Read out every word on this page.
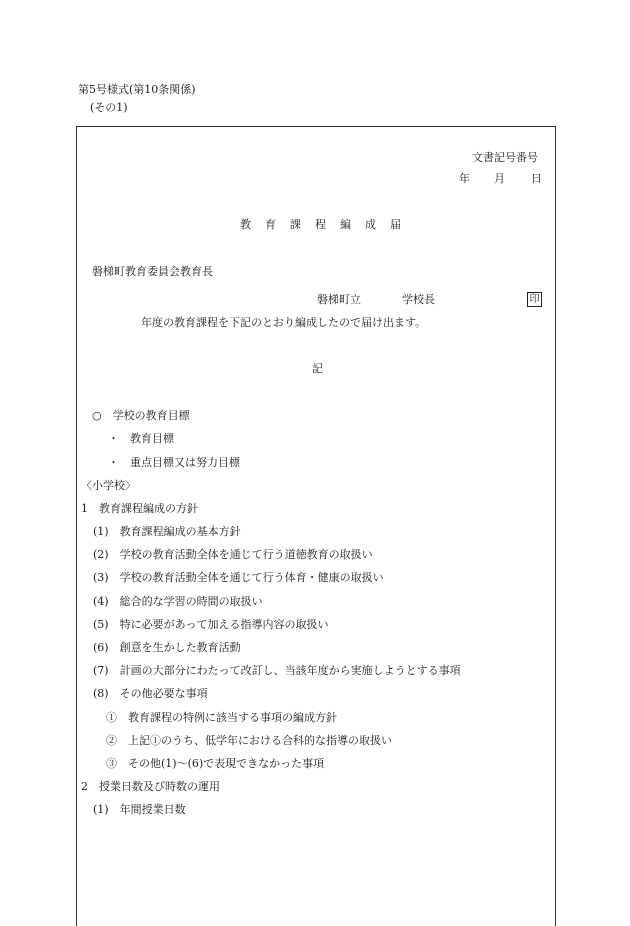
第5号様式(第10条関係)
(その1)
文書記号番号
年 月 日
教 育 課 程 編 成 届
磐梯町教育委員会教育長
磐梯町立	学校長	印
年度の教育課程を下記のとおり編成したので届け出ます。
記
○　学校の教育目標
・　教育目標
・　重点目標又は努力目標
〈小学校〉
1　教育課程編成の方針
(1)　教育課程編成の基本方針
(2)　学校の教育活動全体を通じて行う道徳教育の取扱い
(3)　学校の教育活動全体を通じて行う体育・健康の取扱い
(4)　総合的な学習の時間の取扱い
(5)　特に必要があって加える指導内容の取扱い
(6)　創意を生かした教育活動
(7)　計画の大部分にわたって改訂し、当該年度から実施しようとする事項
(8)　その他必要な事項
①　教育課程の特例に該当する事項の編成方針
②　上記①のうち、低学年における合科的な指導の取扱い
③　その他(1)～(6)で表現できなかった事項
2　授業日数及び時数の運用
(1)　年間授業日数
